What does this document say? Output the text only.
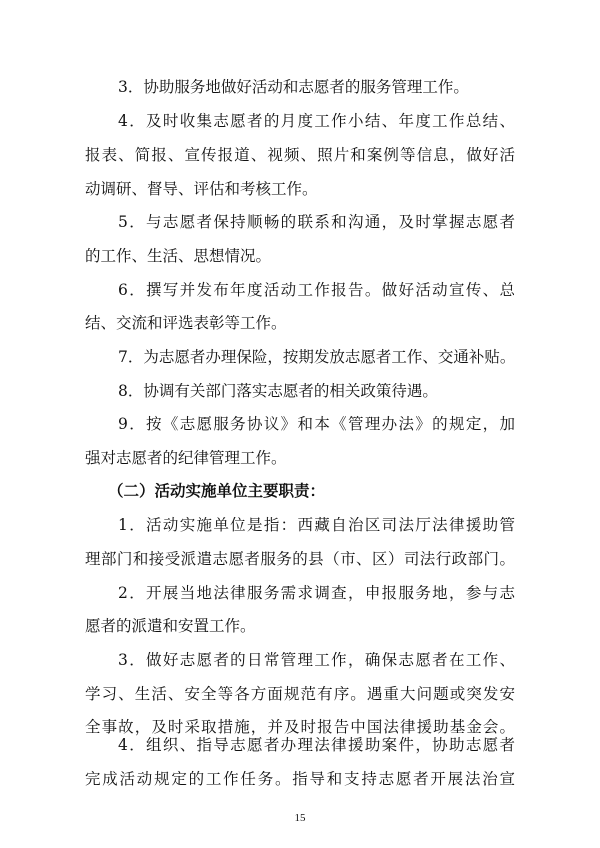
3．协助服务地做好活动和志愿者的服务管理工作。
4．及时收集志愿者的月度工作小结、年度工作总结、
报表、简报、宣传报道、视频、照片和案例等信息，做好活
动调研、督导、评估和考核工作。
5．与志愿者保持顺畅的联系和沟通，及时掌握志愿者
的工作、生活、思想情况。
6．撰写并发布年度活动工作报告。做好活动宣传、总
结、交流和评选表彰等工作。
7．为志愿者办理保险，按期发放志愿者工作、交通补贴。
8．协调有关部门落实志愿者的相关政策待遇。
9．按《志愿服务协议》和本《管理办法》的规定，加
强对志愿者的纪律管理工作。
（二）活动实施单位主要职责：
1．活动实施单位是指：西藏自治区司法厅法律援助管
理部门和接受派遣志愿者服务的县（市、区）司法行政部门。
2．开展当地法律服务需求调查，申报服务地，参与志
愿者的派遣和安置工作。
3．做好志愿者的日常管理工作，确保志愿者在工作、
学习、生活、安全等各方面规范有序。遇重大问题或突发安
全事故，及时采取措施，并及时报告中国法律援助基金会。
4．组织、指导志愿者办理法律援助案件，协助志愿者
完成活动规定的工作任务。指导和支持志愿者开展法治宣
15
